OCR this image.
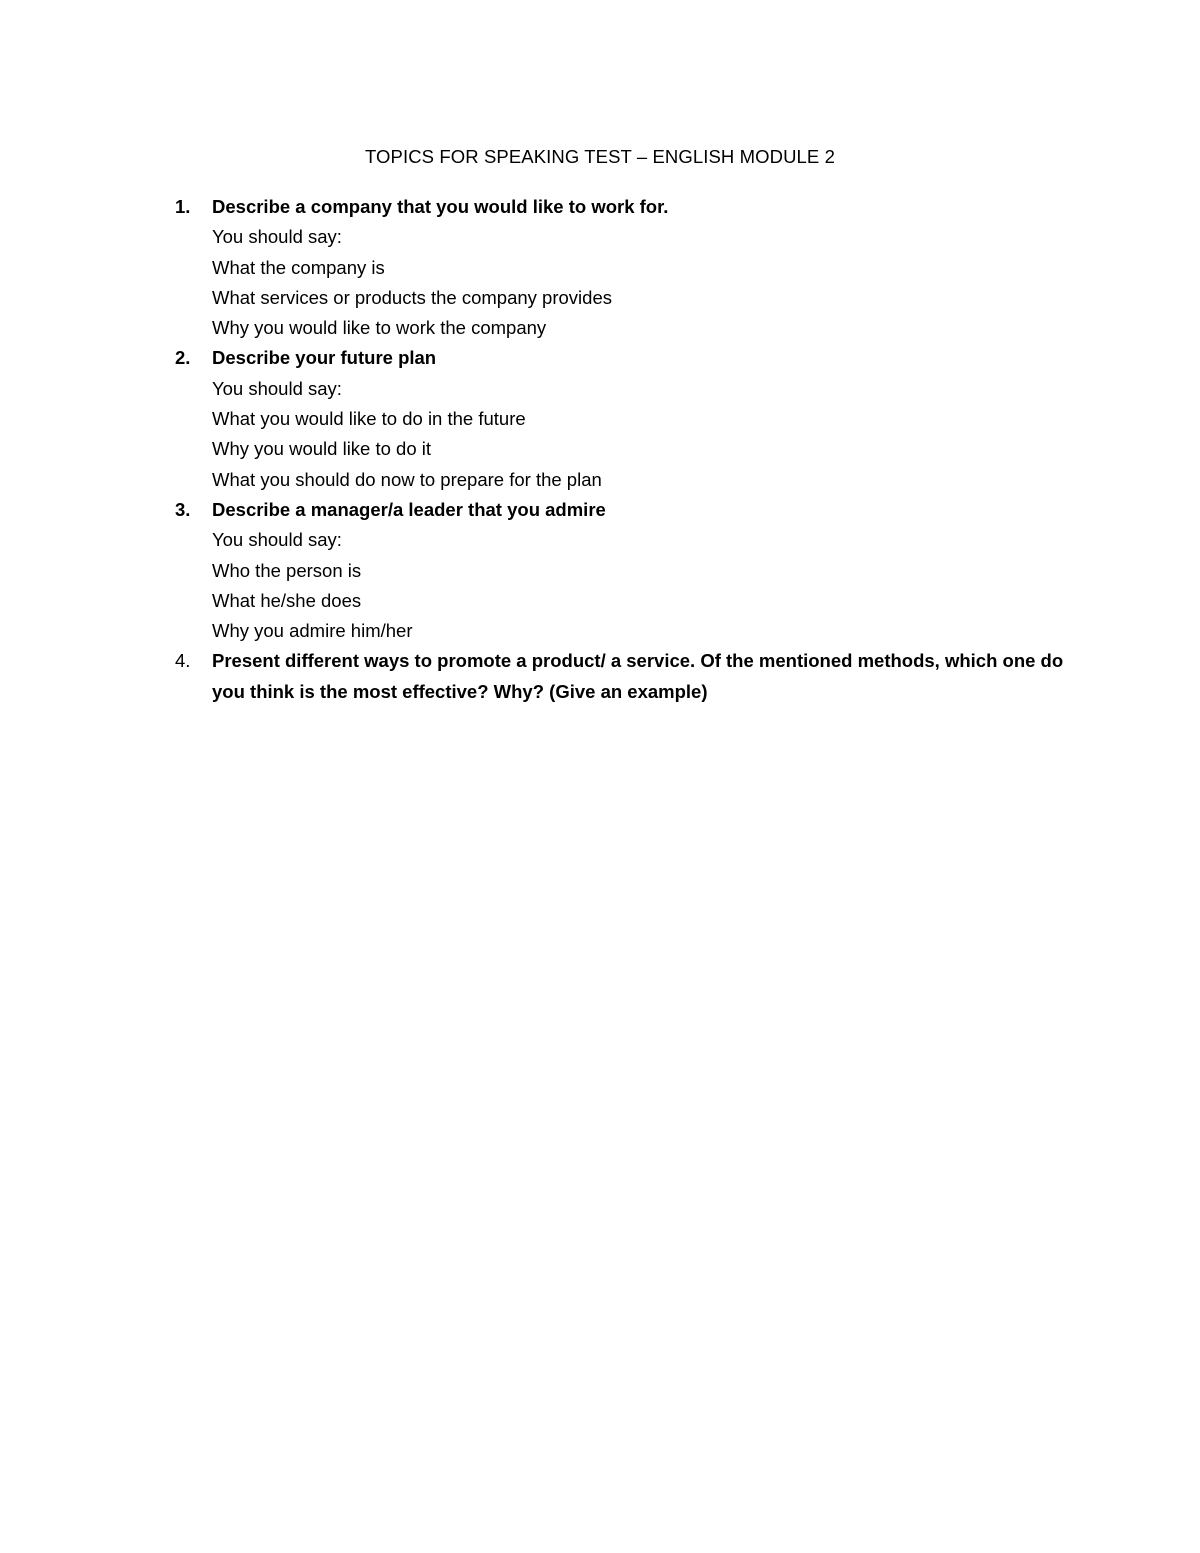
TOPICS FOR SPEAKING TEST – ENGLISH MODULE 2
1. Describe a company that you would like to work for.
You should say:
What the company is
What services or products the company provides
Why you would like to work the company
2. Describe your future plan
You should say:
What you would like to do in the future
Why you would like to do it
What you should do now to prepare for the plan
3. Describe a manager/a leader that you admire
You should say:
Who the person is
What he/she does
Why you admire him/her
4. Present different ways to promote a product/ a service. Of the mentioned methods, which one do you think is the most effective? Why? (Give an example)
